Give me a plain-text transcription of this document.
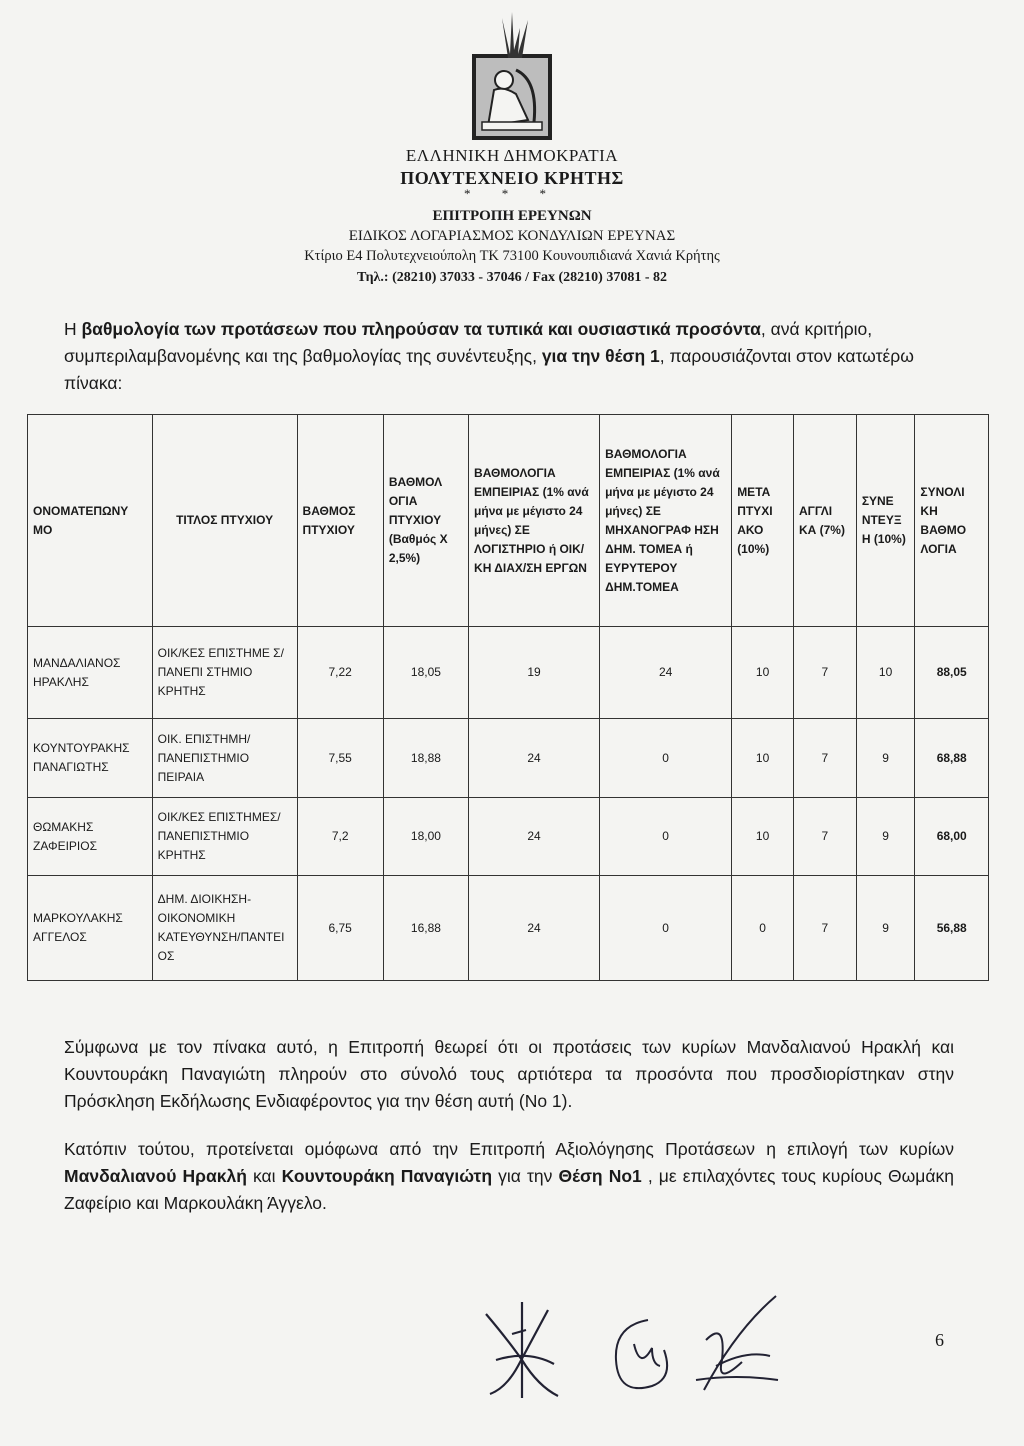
ΕΛΛΗΝΙΚΗ ΔΗΜΟΚΡΑΤΙΑ
ΠΟΛΥΤΕΧΝΕΙΟ ΚΡΗΤΗΣ
* * *
ΕΠΙΤΡΟΠΗ ΕΡΕΥΝΩΝ
ΕΙΔΙΚΟΣ ΛΟΓΑΡΙΑΣΜΟΣ ΚΟΝΔΥΛΙΩΝ ΕΡΕΥΝΑΣ
Κτίριο Ε4 Πολυτεχνειούπολη ΤΚ 73100 Κουνουπιδιανά Χανιά Κρήτης
Τηλ.: (28210) 37033 - 37046 / Fax (28210) 37081 - 82
Η βαθμολογία των προτάσεων που πληρούσαν τα τυπικά και ουσιαστικά προσόντα, ανά κριτήριο, συμπεριλαμβανομένης και της βαθμολογίας της συνέντευξης, για την θέση 1, παρουσιάζονται στον κατωτέρω πίνακα:
ΟΝΟΜΑΤΕΠΩΝΥ ΜΟ	ΤΙΤΛΟΣ ΠΤΥΧΙΟΥ	ΒΑΘΜΟΣ ΠΤΥΧΙΟΥ	ΒΑΘΜΟΛ ΟΓΙΑ ΠΤΥΧΙΟΥ (Βαθμός Χ 2,5%)	ΒΑΘΜΟΛΟΓΙΑ ΕΜΠΕΙΡΙΑΣ (1% ανά μήνα με μέγιστο 24 μήνες) ΣΕ ΛΟΓΙΣΤΗΡΙΟ ή ΟΙΚ/ΚΗ ΔΙΑΧ/ΣΗ ΕΡΓΩΝ	ΒΑΘΜΟΛΟΓΙΑ ΕΜΠΕΙΡΙΑΣ (1% ανά μήνα με μέγιστο 24 μήνες) ΣΕ ΜΗΧΑΝΟΓΡΑΦ ΗΣΗ ΔΗΜ. ΤΟΜΕΑ ή ΕΥΡΥΤΕΡΟΥ ΔΗΜ.ΤΟΜΕΑ	ΜΕΤΑ ΠΤΥΧΙ ΑΚΟ (10%)	ΑΓΓΛΙ ΚΑ (7%)	ΣΥΝΕ ΝΤΕΥΞ Η (10%)	ΣΥΝΟΛΙ ΚΗ ΒΑΘΜΟ ΛΟΓΙΑ
ΜΑΝΔΑΛΙΑΝΟΣ ΗΡΑΚΛΗΣ	ΟΙΚ/ΚΕΣ ΕΠΙΣΤΗΜΕ Σ/ΠΑΝΕΠΙ ΣΤΗΜΙΟ ΚΡΗΤΗΣ	7,22	18,05	19	24	10	7	10	88,05
ΚΟΥΝΤΟΥΡΑΚΗΣ ΠΑΝΑΓΙΩΤΗΣ	ΟΙΚ. ΕΠΙΣΤΗΜΗ/ ΠΑΝΕΠΙΣΤΗΜΙΟ ΠΕΙΡΑΙΑ	7,55	18,88	24	0	10	7	9	68,88
ΘΩΜΑΚΗΣ ΖΑΦΕΙΡΙΟΣ	ΟΙΚ/ΚΕΣ ΕΠΙΣΤΗΜΕΣ/ ΠΑΝΕΠΙΣΤΗΜΙΟ ΚΡΗΤΗΣ	7,2	18,00	24	0	10	7	9	68,00
ΜΑΡΚΟΥΛΑΚΗΣ ΑΓΓΕΛΟΣ	ΔΗΜ. ΔΙΟΙΚΗΣΗ-ΟΙΚΟΝΟΜΙΚΗ ΚΑΤΕΥΘΥΝΣΗ/ΠΑΝΤΕΙ ΟΣ	6,75	16,88	24	0	0	7	9	56,88
Σύμφωνα με τον πίνακα αυτό, η Επιτροπή θεωρεί ότι οι προτάσεις των κυρίων Μανδαλιανού Ηρακλή και Κουντουράκη Παναγιώτη πληρούν στο σύνολό τους αρτιότερα τα προσόντα που προσδιορίστηκαν στην Πρόσκληση Εκδήλωσης Ενδιαφέροντος για την θέση αυτή (Νο 1).
Κατόπιν τούτου, προτείνεται ομόφωνα από την Επιτροπή Αξιολόγησης Προτάσεων η επιλογή των κυρίων Μανδαλιανού Ηρακλή και Κουντουράκη Παναγιώτη για την Θέση Νο1 , με επιλαχόντες τους κυρίους Θωμάκη Ζαφείριο και Μαρκουλάκη Άγγελο.
6
